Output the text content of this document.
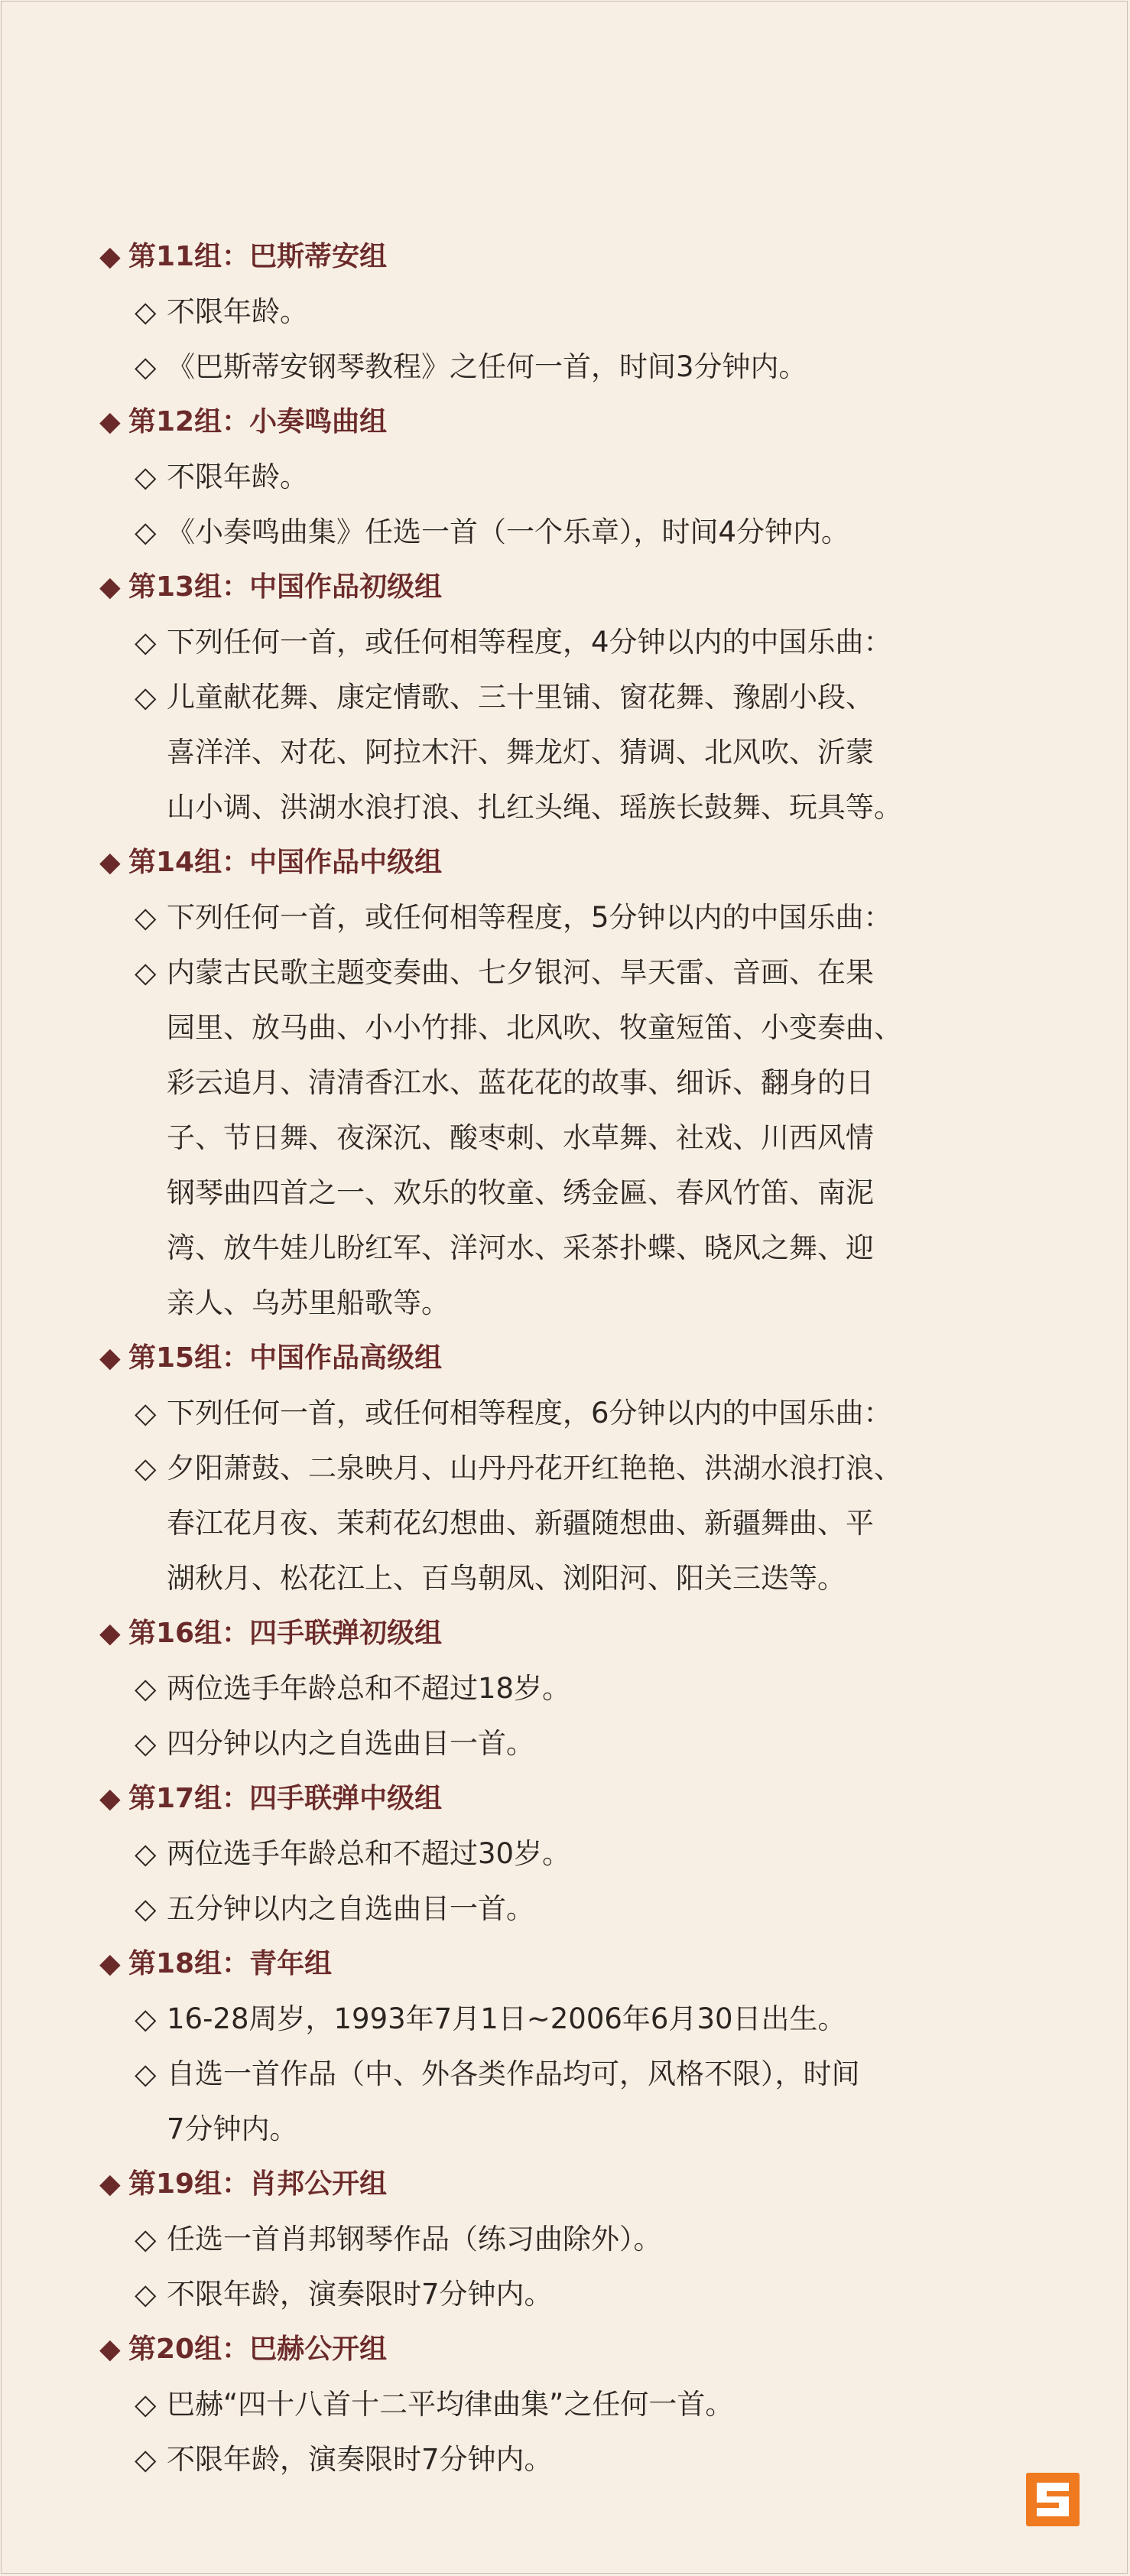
◆ 第11组：巴斯蒂安组
◇ 不限年龄。
◇ 《巴斯蒂安钢琴教程》之任何一首，时间3分钟内。
◆ 第12组：小奏鸣曲组
◇ 不限年龄。
◇ 《小奏鸣曲集》任选一首（一个乐章），时间4分钟内。
◆ 第13组：中国作品初级组
◇ 下列任何一首，或任何相等程度，4分钟以内的中国乐曲：
◇ 儿童献花舞、康定情歌、三十里铺、窗花舞、豫剧小段、
喜洋洋、对花、阿拉木汗、舞龙灯、猜调、北风吹、沂蒙
山小调、洪湖水浪打浪、扎红头绳、瑶族长鼓舞、玩具等。
◆ 第14组：中国作品中级组
◇ 下列任何一首，或任何相等程度，5分钟以内的中国乐曲：
◇ 内蒙古民歌主题变奏曲、七夕银河、旱天雷、音画、在果
园里、放马曲、小小竹排、北风吹、牧童短笛、小变奏曲、
彩云追月、清清香江水、蓝花花的故事、细诉、翻身的日
子、节日舞、夜深沉、酸枣刺、水草舞、社戏、川西风情
钢琴曲四首之一、欢乐的牧童、绣金匾、春风竹笛、南泥
湾、放牛娃儿盼红军、洋河水、采茶扑蝶、晓风之舞、迎
亲人、乌苏里船歌等。
◆ 第15组：中国作品高级组
◇ 下列任何一首，或任何相等程度，6分钟以内的中国乐曲：
◇ 夕阳萧鼓、二泉映月、山丹丹花开红艳艳、洪湖水浪打浪、
春江花月夜、茉莉花幻想曲、新疆随想曲、新疆舞曲、平
湖秋月、松花江上、百鸟朝凤、浏阳河、阳关三迭等。
◆ 第16组：四手联弹初级组
◇ 两位选手年龄总和不超过18岁。
◇ 四分钟以内之自选曲目一首。
◆ 第17组：四手联弹中级组
◇ 两位选手年龄总和不超过30岁。
◇ 五分钟以内之自选曲目一首。
◆ 第18组：青年组
◇ 16-28周岁，1993年7月1日~2006年6月30日出生。
◇ 自选一首作品（中、外各类作品均可，风格不限），时间
7分钟内。
◆ 第19组：肖邦公开组
◇ 任选一首肖邦钢琴作品（练习曲除外）。
◇ 不限年龄，演奏限时7分钟内。
◆ 第20组：巴赫公开组
◇ 巴赫“四十八首十二平均律曲集”之任何一首。
◇ 不限年龄，演奏限时7分钟内。
